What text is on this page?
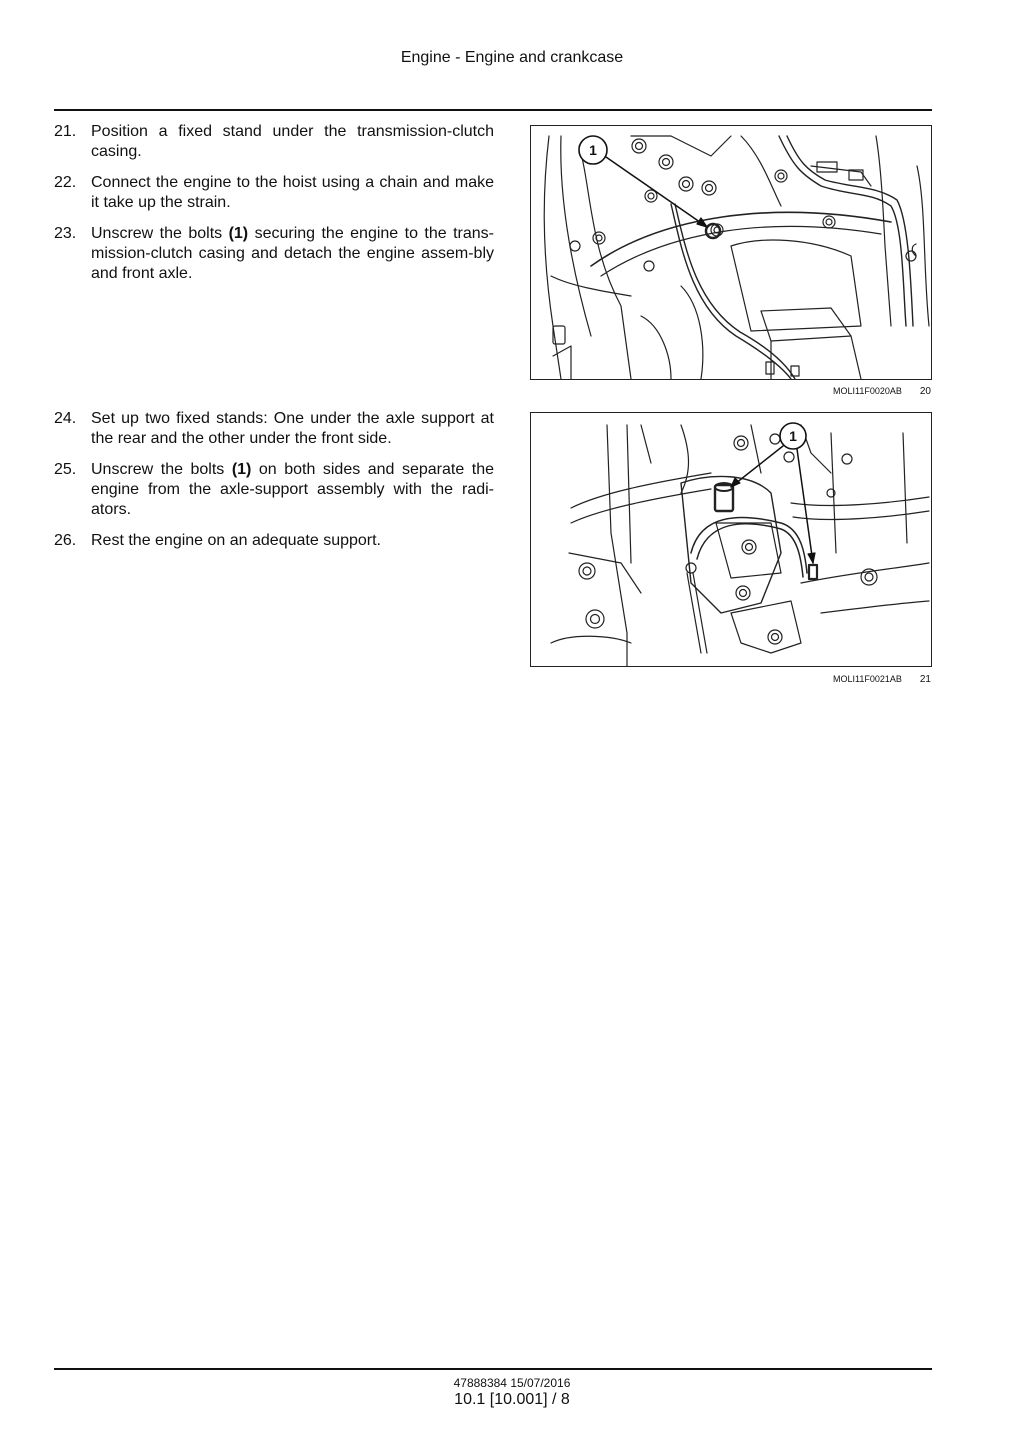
Engine - Engine and crankcase
21. Position a fixed stand under the transmission-clutch casing.
22. Connect the engine to the hoist using a chain and make it take up the strain.
23. Unscrew the bolts (1) securing the engine to the trans-mission-clutch casing and detach the engine assem-bly and front axle.
1
MOLI11F0020AB 20
24. Set up two fixed stands: One under the axle support at the rear and the other under the front side.
25. Unscrew the bolts (1) on both sides and separate the engine from the axle-support assembly with the radi-ators.
26. Rest the engine on an adequate support.
1
MOLI11F0021AB 21
47888384 15/07/2016
10.1 [10.001] / 8
